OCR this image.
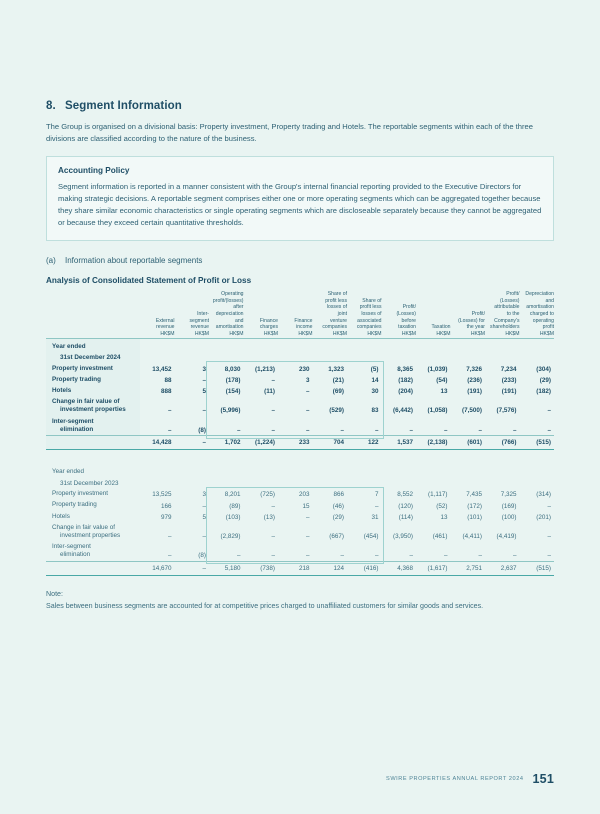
8. Segment Information
The Group is organised on a divisional basis: Property investment, Property trading and Hotels. The reportable segments within each of the three divisions are classified according to the nature of the business.
Accounting Policy
Segment information is reported in a manner consistent with the Group's internal financial reporting provided to the Executive Directors for making strategic decisions. A reportable segment comprises either one or more operating segments which can be aggregated together because they share similar economic characteristics or single operating segments which are discloseable separately because they cannot be aggregated or because they exceed certain quantitative thresholds.
(a)	Information about reportable segments
Analysis of Consolidated Statement of Profit or Loss
	External
revenue
HK$M	Inter-
segment
revenue
HK$M	Operating
profit/(losses)
after
depreciation
and
amortisation
HK$M	Finance
charges
HK$M	Finance
income
HK$M	Share of
profit less
losses of
joint
venture
companies
HK$M	Share of
profit less
losses of
associated
companies
HK$M	Profit/
(Losses)
before
taxation
HK$M	Taxation
HK$M	Profit/
(Losses) for
the year
HK$M	Profit/
(Losses)
attributable
to the
Company's
shareholders
HK$M	Depreciation
and
amortisation
charged to
operating
profit
HK$M

Year ended												
31st December 2024												
Property investment	13,452	3	8,030	(1,213)	230	1,323	(5)	8,365	(1,039)	7,326	7,234	(304)
Property trading	88	–	(178)	–	3	(21)	14	(182)	(54)	(236)	(233)	(29)
Hotels	888	5	(154)	(11)	–	(69)	30	(204)	13	(191)	(191)	(182)
Change in fair value of
investment properties	–	–	(5,996)	–	–	(529)	83	(6,442)	(1,058)	(7,500)	(7,576)	–
Inter-segment
elimination	–	(8)	–	–	–	–	–	–	–	–	–	–
	14,428	–	1,702	(1,224)	233	704	122	1,537	(2,138)	(601)	(766)	(515)

Year ended												
31st December 2023												
Property investment	13,525	3	8,201	(725)	203	866	7	8,552	(1,117)	7,435	7,325	(314)
Property trading	166	–	(89)	–	15	(46)	–	(120)	(52)	(172)	(169)	–
Hotels	979	5	(103)	(13)	–	(29)	31	(114)	13	(101)	(100)	(201)
Change in fair value of
investment properties	–	–	(2,829)	–	–	(667)	(454)	(3,950)	(461)	(4,411)	(4,419)	–
Inter-segment
elimination	–	(8)	–	–	–	–	–	–	–	–	–	–
	14,670	–	5,180	(738)	218	124	(416)	4,368	(1,617)	2,751	2,637	(515)

Note:
Sales between business segments are accounted for at competitive prices charged to unaffiliated customers for similar goods and services.
SWIRE PROPERTIES ANNUAL REPORT 2024 151
